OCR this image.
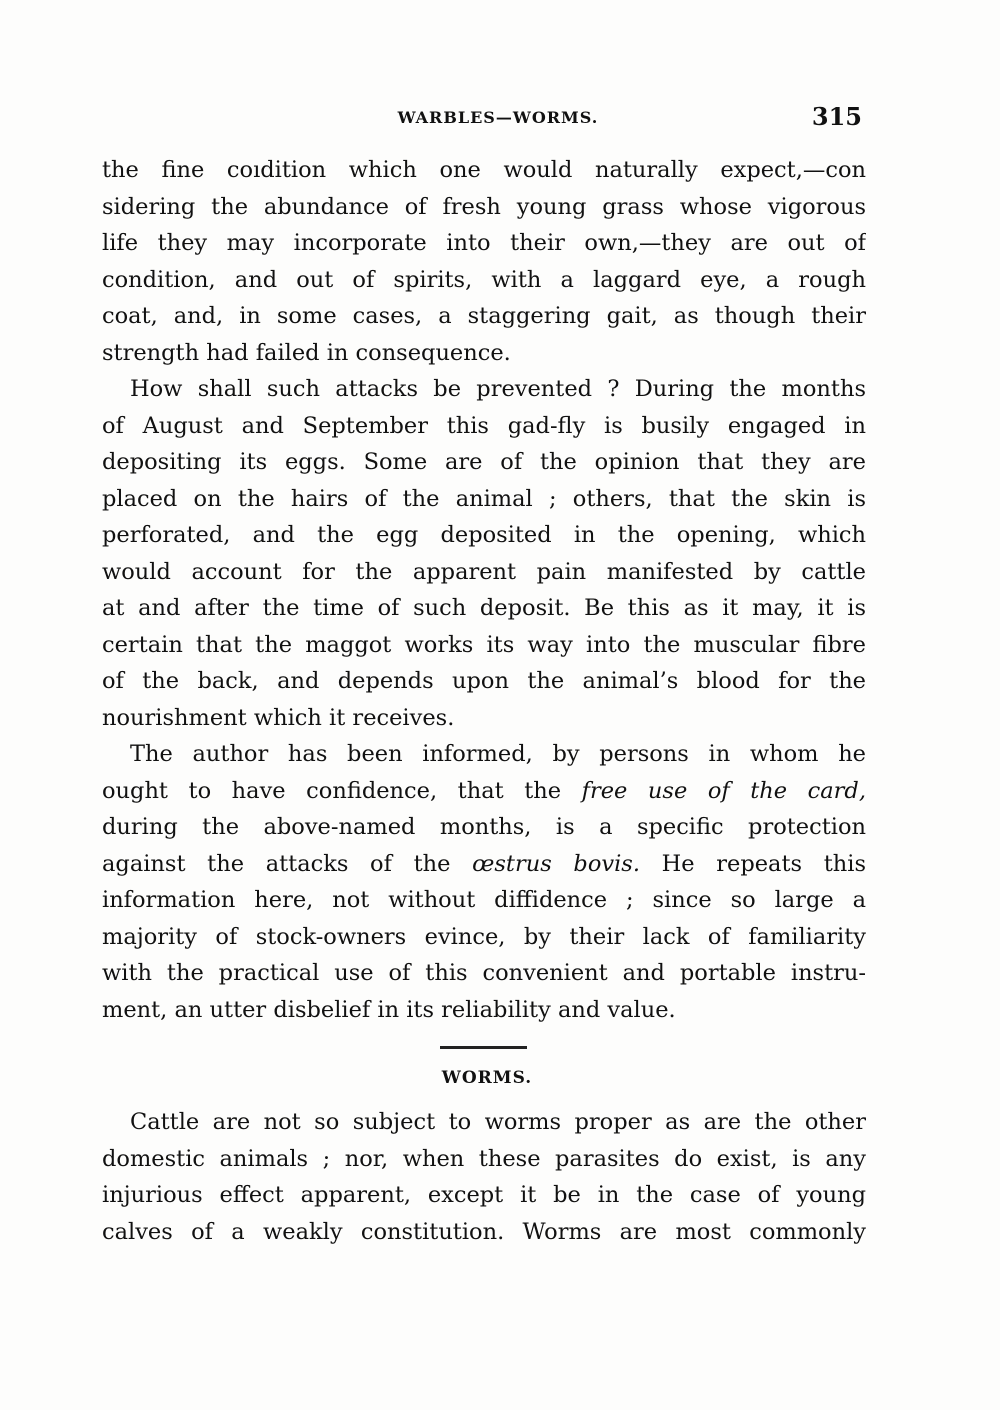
WARBLES—WORMS.	315

the fine coıdition which one would naturally expect,—con
sidering the abundance of fresh young grass whose vigorous
life they may incorporate into their own,—they are out of
condition, and out of spirits, with a laggard eye, a rough
coat, and, in some cases, a staggering gait, as though their
strength had failed in consequence.

How shall such attacks be prevented ? During the months
of August and September this gad-fly is busily engaged in
depositing its eggs. Some are of the opinion that they are
placed on the hairs of the animal ; others, that the skin is
perforated, and the egg deposited in the opening, which
would account for the apparent pain manifested by cattle
at and after the time of such deposit. Be this as it may, it is
certain that the maggot works its way into the muscular fibre
of the back, and depends upon the animal’s blood for the
nourishment which it receives.

The author has been informed, by persons in whom he
ought to have confidence, that the free use of the card,
during the above-named months, is a specific protection
against the attacks of the œstrus bovis. He repeats this
information here, not without diffidence ; since so large a
majority of stock-owners evince, by their lack of familiarity
with the practical use of this convenient and portable instru-
ment, an utter disbelief in its reliability and value.

WORMS.

Cattle are not so subject to worms proper as are the other
domestic animals ; nor, when these parasites do exist, is any
injurious effect apparent, except it be in the case of young
calves of a weakly constitution. Worms are most commonly
